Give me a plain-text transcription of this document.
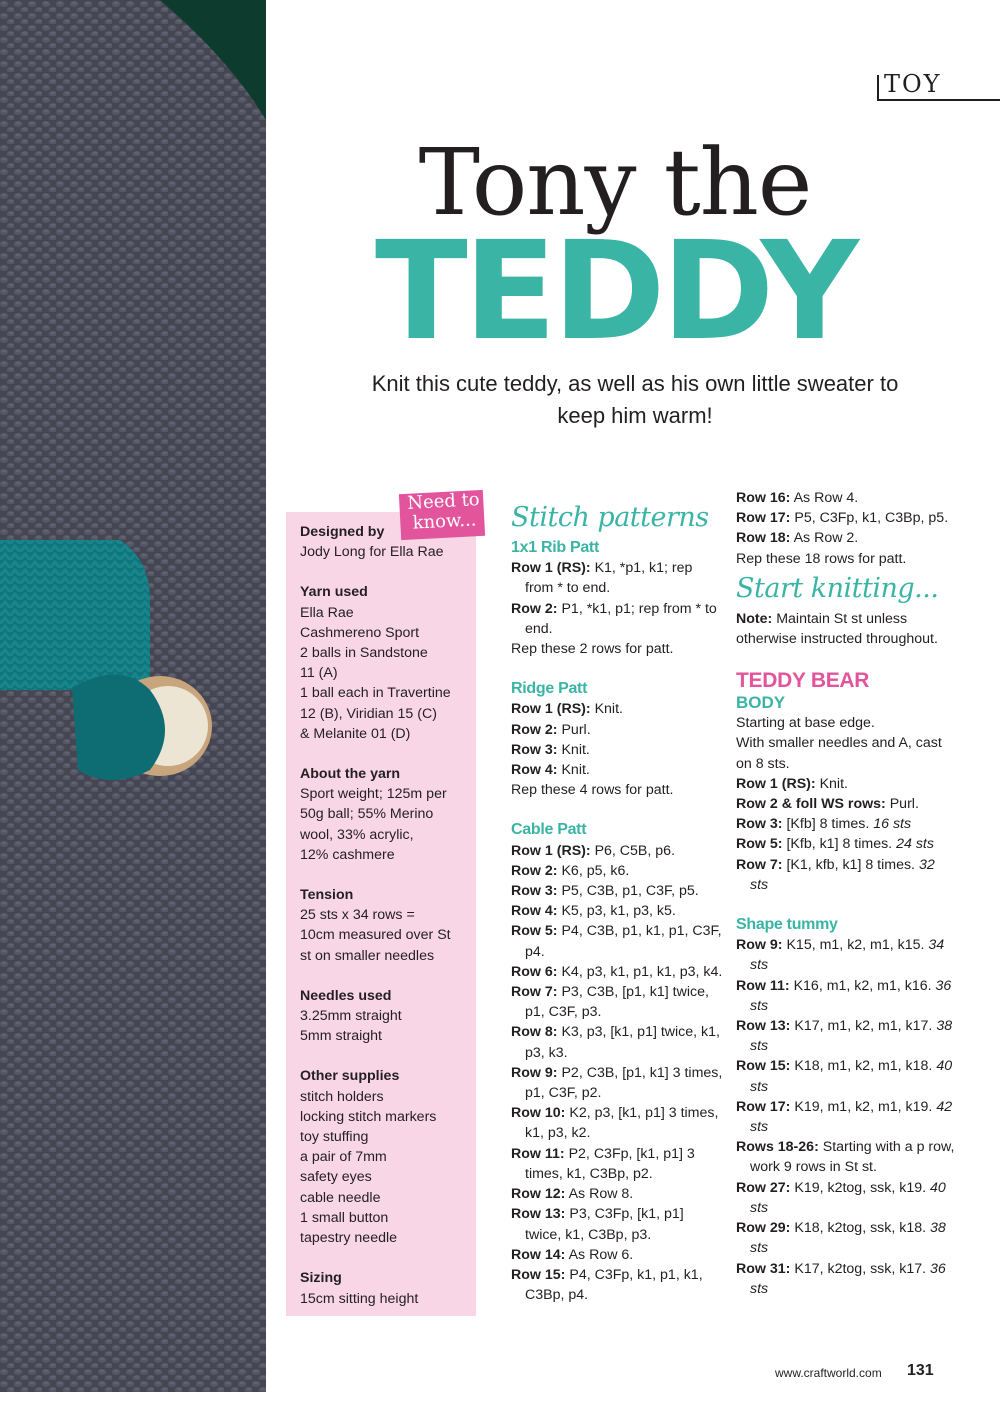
TOY
Tony the
TEDDY
Knit this cute teddy, as well as his own little sweater to keep him warm!
Need to
know...
Designed by
Jody Long for Ella Rae
Yarn used
Ella Rae
Cashmereno Sport
2 balls in Sandstone
11 (A)
1 ball each in Travertine
12 (B), Viridian 15 (C)
& Melanite 01 (D)
About the yarn
Sport weight; 125m per
50g ball; 55% Merino
wool, 33% acrylic,
12% cashmere
Tension
25 sts x 34 rows =
10cm measured over St
st on smaller needles
Needles used
3.25mm straight
5mm straight
Other supplies
stitch holders
locking stitch markers
toy stuffing
a pair of 7mm
safety eyes
cable needle
1 small button
tapestry needle
Sizing
15cm sitting height
Stitch patterns
1x1 Rib Patt
Row 1 (RS): K1, *p1, k1; rep from * to end.
Row 2: P1, *k1, p1; rep from * to end.
Rep these 2 rows for patt.
Ridge Patt
Row 1 (RS): Knit.
Row 2: Purl.
Row 3: Knit.
Row 4: Knit.
Rep these 4 rows for patt.
Cable Patt
Row 1 (RS): P6, C5B, p6.
Row 2: K6, p5, k6.
Row 3: P5, C3B, p1, C3F, p5.
Row 4: K5, p3, k1, p3, k5.
Row 5: P4, C3B, p1, k1, p1, C3F, p4.
Row 6: K4, p3, k1, p1, k1, p3, k4.
Row 7: P3, C3B, [p1, k1] twice, p1, C3F, p3.
Row 8: K3, p3, [k1, p1] twice, k1, p3, k3.
Row 9: P2, C3B, [p1, k1] 3 times, p1, C3F, p2.
Row 10: K2, p3, [k1, p1] 3 times, k1, p3, k2.
Row 11: P2, C3Fp, [k1, p1] 3 times, k1, C3Bp, p2.
Row 12: As Row 8.
Row 13: P3, C3Fp, [k1, p1] twice, k1, C3Bp, p3.
Row 14: As Row 6.
Row 15: P4, C3Fp, k1, p1, k1, C3Bp, p4.
Row 16: As Row 4.
Row 17: P5, C3Fp, k1, C3Bp, p5.
Row 18: As Row 2.
Rep these 18 rows for patt.
Start knitting...
Note: Maintain St st unless otherwise instructed throughout.
TEDDY BEAR
BODY
Starting at base edge.
With smaller needles and A, cast on 8 sts.
Row 1 (RS): Knit.
Row 2 & foll WS rows: Purl.
Row 3: [Kfb] 8 times. 16 sts
Row 5: [Kfb, k1] 8 times. 24 sts
Row 7: [K1, kfb, k1] 8 times. 32 sts
Shape tummy
Row 9: K15, m1, k2, m1, k15. 34 sts
Row 11: K16, m1, k2, m1, k16. 36 sts
Row 13: K17, m1, k2, m1, k17. 38 sts
Row 15: K18, m1, k2, m1, k18. 40 sts
Row 17: K19, m1, k2, m1, k19. 42 sts
Rows 18-26: Starting with a p row, work 9 rows in St st.
Row 27: K19, k2tog, ssk, k19. 40 sts
Row 29: K18, k2tog, ssk, k18. 38 sts
Row 31: K17, k2tog, ssk, k17. 36 sts
www.craftworld.com 131
